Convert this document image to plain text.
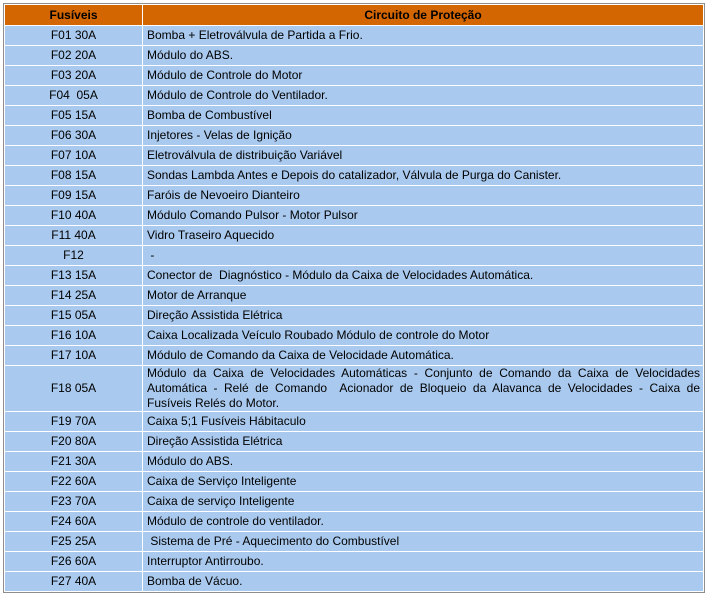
Fusíveis	Circuito de Proteção
F01 30A	Bomba + Eletroválvula de Partida a Frio.
F02 20A	Módulo do ABS.
F03 20A	Módulo de Controle do Motor
F04  05A	Módulo de Controle do Ventilador.
F05 15A	Bomba de Combustível
F06 30A	Injetores - Velas de Ignição
F07 10A	Eletroválvula de distribuição Variável
F08 15A	Sondas Lambda Antes e Depois do catalizador, Válvula de Purga do Canister.
F09 15A	Faróis de Nevoeiro Dianteiro
F10 40A	Módulo Comando Pulsor - Motor Pulsor
F11 40A	Vidro Traseiro Aquecido
F12	-
F13 15A	Conector de  Diagnóstico - Módulo da Caixa de Velocidades Automática.
F14 25A	Motor de Arranque
F15 05A	Direção Assistida Elétrica
F16 10A	Caixa Localizada Veículo Roubado Módulo de controle do Motor
F17 10A	Módulo de Comando da Caixa de Velocidade Automática.
F18 05A	Módulo da Caixa de Velocidades Automáticas - Conjunto de Comando da Caixa de Velocidades Automática - Relé de Comando  Acionador de Bloqueio da Alavanca de Velocidades - Caixa de Fusíveis Relés do Motor.
F19 70A	Caixa 5;1 Fusíveis Hábitaculo
F20 80A	Direção Assistida Elétrica
F21 30A	Módulo do ABS.
F22 60A	Caixa de Serviço Inteligente
F23 70A	Caixa de serviço Inteligente
F24 60A	Módulo de controle do ventilador.
F25 25A	Sistema de Pré - Aquecimento do Combustível
F26 60A	Interruptor Antirroubo.
F27 40A	Bomba de Vácuo.
